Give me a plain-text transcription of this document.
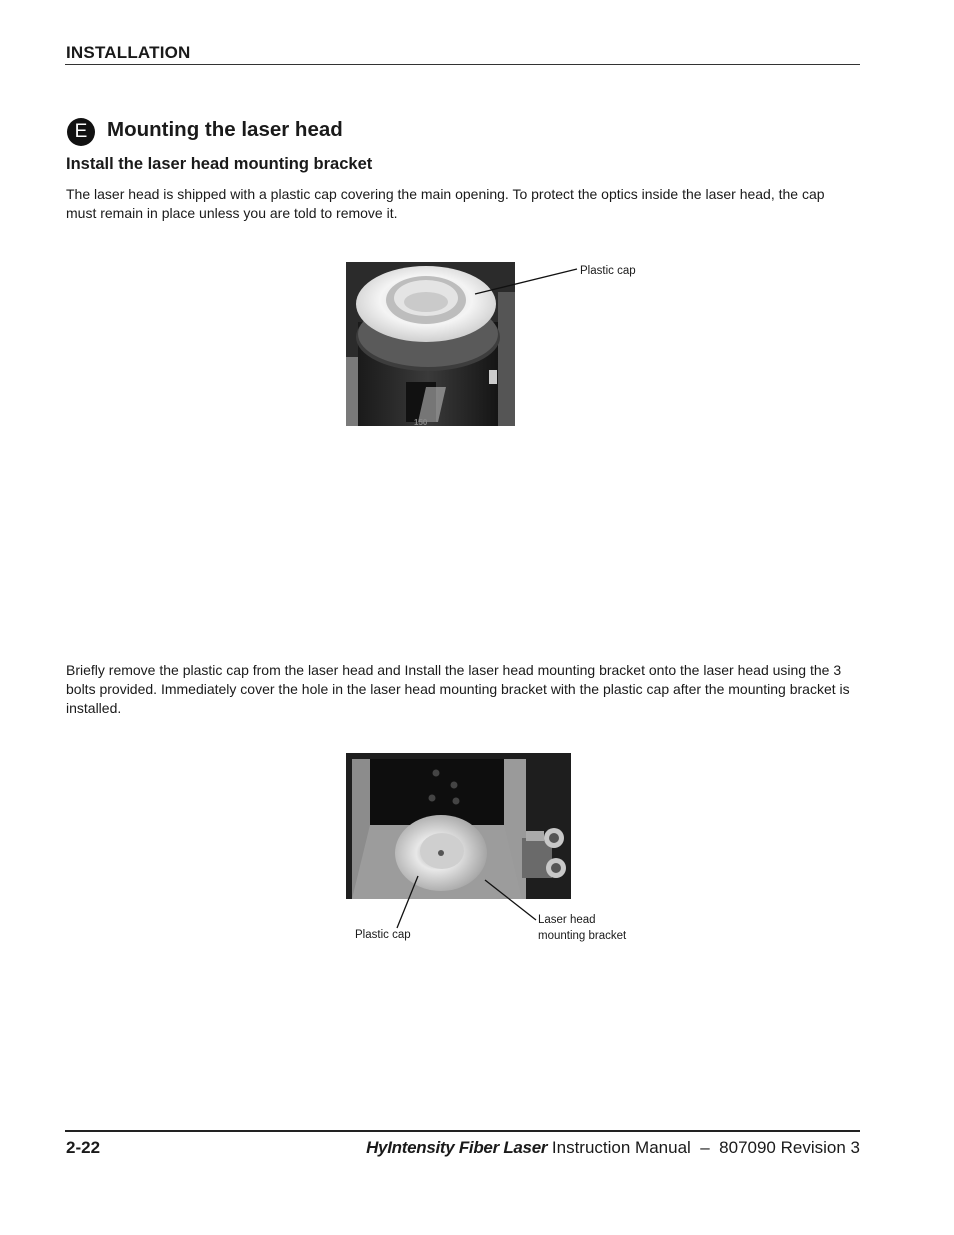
INSTALLATION
E Mounting the laser head
Install the laser head mounting bracket
The laser head is shipped with a plastic cap covering the main opening. To protect the optics inside the laser head, the cap must remain in place unless you are told to remove it.
150
Plastic cap
Briefly remove the plastic cap from the laser head and Install the laser head mounting bracket onto the laser head using the 3 bolts provided. Immediately cover the hole in the laser head mounting bracket with the plastic cap after the mounting bracket is installed.
Plastic cap
Laser head
mounting bracket
2-22	HyIntensity Fiber Laser Instruction Manual  –  807090 Revision 3
